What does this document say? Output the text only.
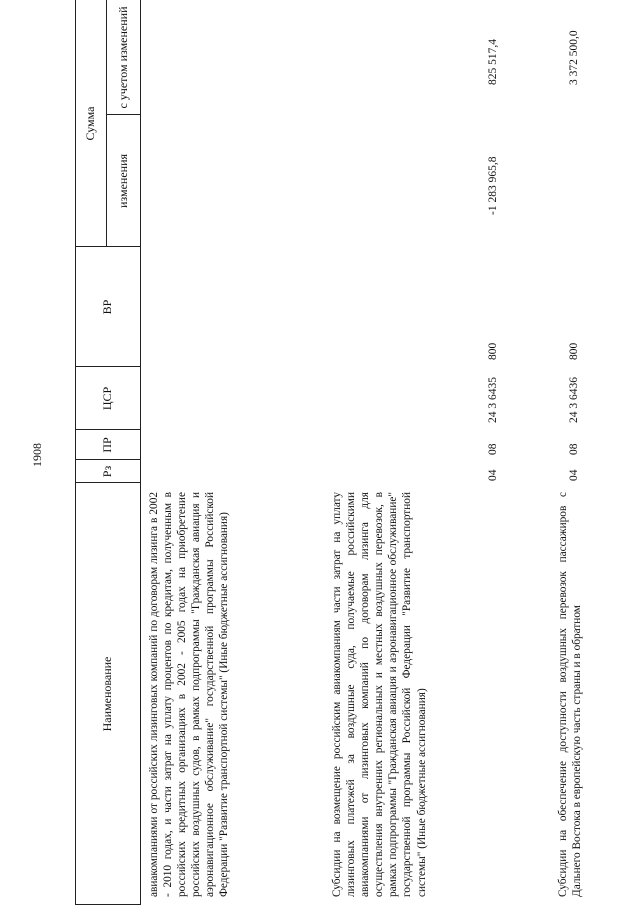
1908
Наименование
Рз
ПР
ЦСР
ВР
Сумма
изменения
с учетом изменений
авиакомпаниями от российских лизинговых компаний по договорам лизинга в 2002 - 2010 годах, и части затрат на уплату процентов по кредитам, полученным в российских кредитных организациях в 2002 - 2005 годах на приобретение российских воздушных судов, в рамках подпрограммы "Гражданская авиация и аэронавигационное обслуживание" государственной программы Российской Федерации "Развитие транспортной системы" (Иные бюджетные ассигнования)	Субсидии на возмещение российским авиакомпаниям части затрат на уплату лизинговых платежей за воздушные суда, получаемые российскими авиакомпаниями от лизинговых компаний по договорам лизинга для осуществления внутренних региональных и местных воздушных перевозок, в рамках подпрограммы "Гражданская авиация и аэронавигационное обслуживание" государственной программы Российской Федерации "Развитие транспортной системы" (Иные бюджетные ассигнования)
04
08
24 3 6435
800
-1 283 965,8
825 517,4
Субсидии на обеспечение доступности воздушных перевозок пассажиров с Дальнего Востока в европейскую часть страны и в обратном
04
08
24 3 6436
800
3 372 500,0
